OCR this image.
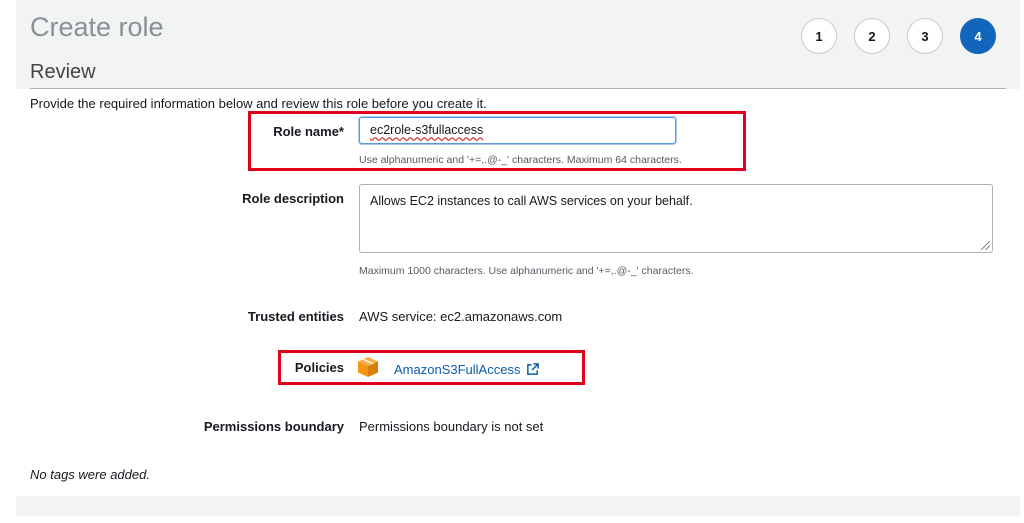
Create role	1	2	3	4
Review
Provide the required information below and review this role before you create it.
Role name*	ec2role-s3fullaccess
Use alphanumeric and '+=,.@-_' characters. Maximum 64 characters.
Role description	Allows EC2 instances to call AWS services on your behalf.
Maximum 1000 characters. Use alphanumeric and '+=,.@-_' characters.
Trusted entities AWS service: ec2.amazonaws.com
Policies	AmazonS3FullAccess
Permissions boundary Permissions boundary is not set
No tags were added.
